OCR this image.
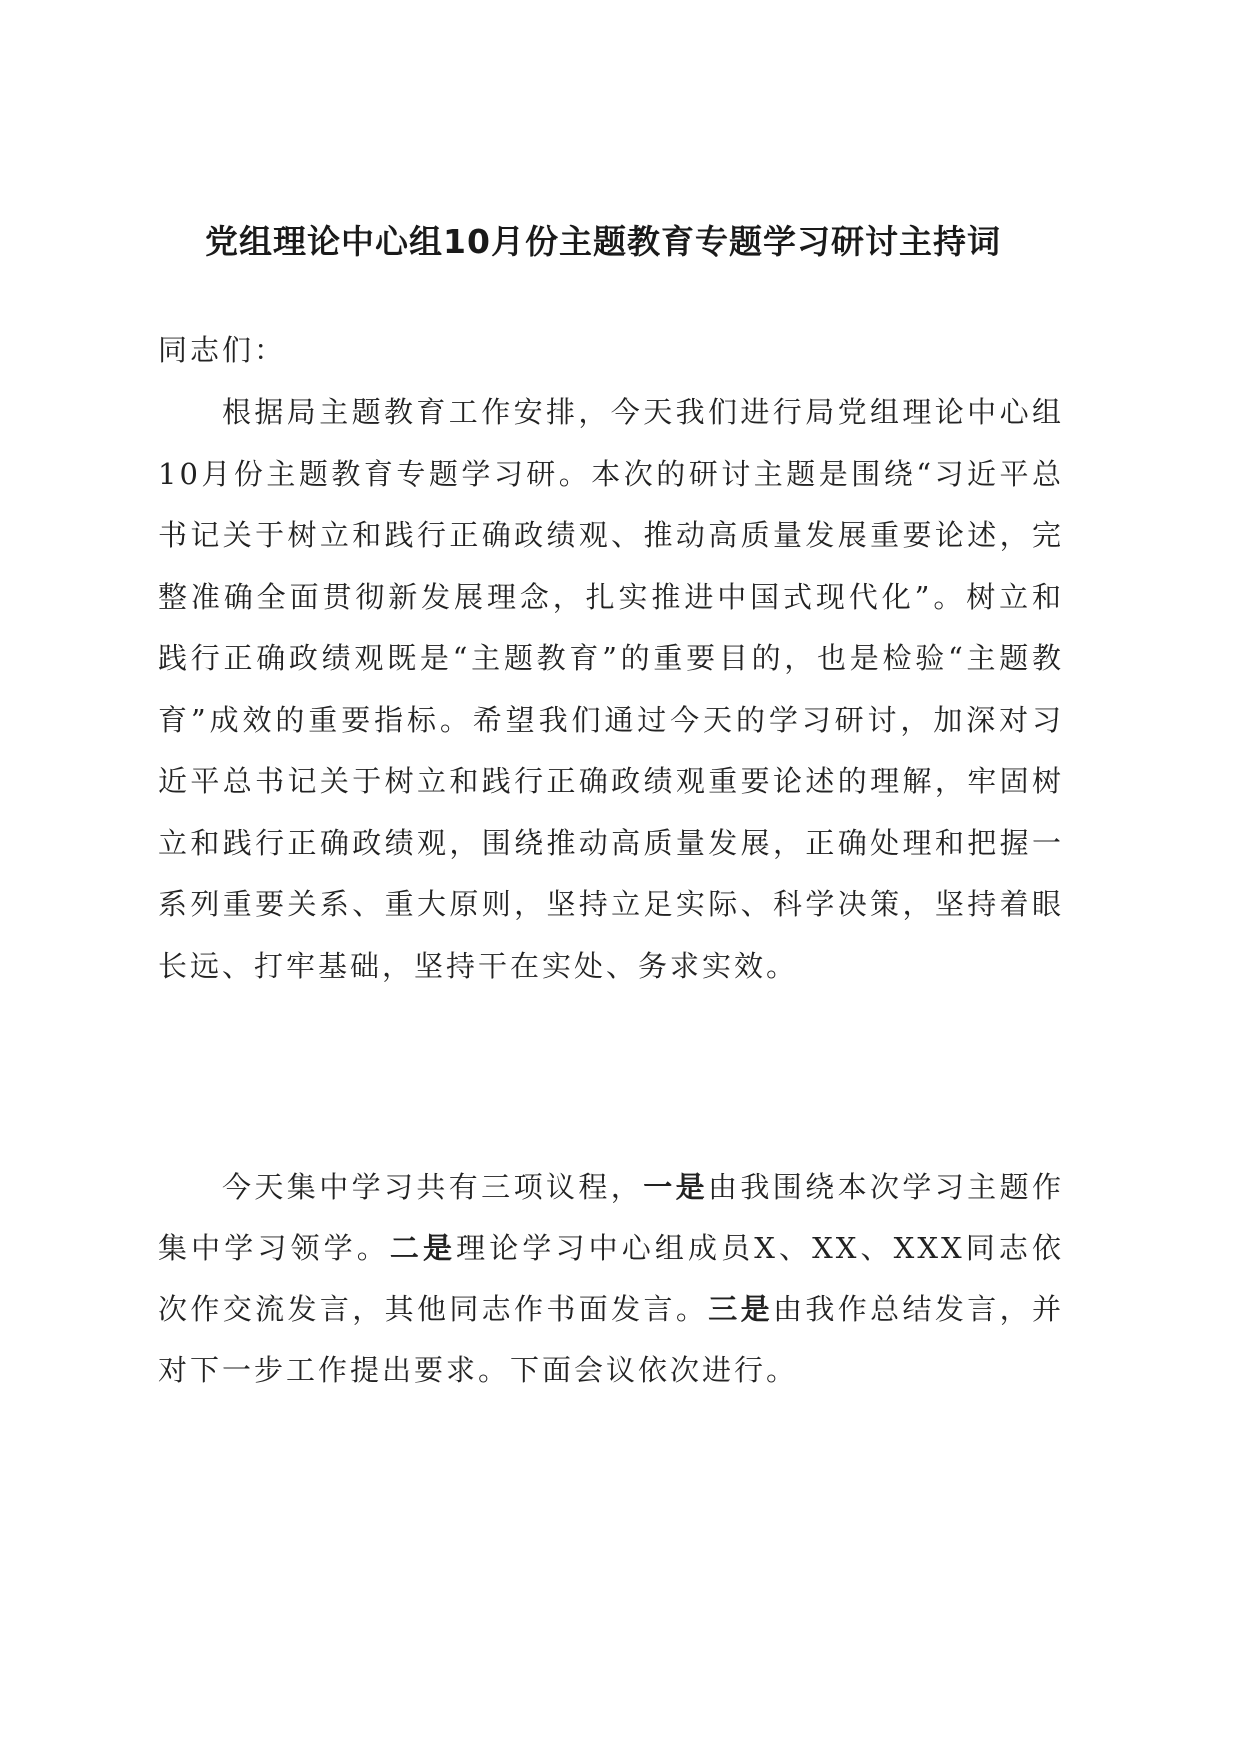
党组理论中心组10月份主题教育专题学习研讨主持词
同志们：

根据局主题教育工作安排，今天我们进行局党组理论中心组10月份主题教育专题学习研。本次的研讨主题是围绕“习近平总书记关于树立和践行正确政绩观、推动高质量发展重要论述，完整准确全面贯彻新发展理念，扎实推进中国式现代化”。树立和践行正确政绩观既是“主题教育”的重要目的，也是检验“主题教育”成效的重要指标。希望我们通过今天的学习研讨，加深对习近平总书记关于树立和践行正确政绩观重要论述的理解，牢固树立和践行正确政绩观，围绕推动高质量发展，正确处理和把握一系列重要关系、重大原则，坚持立足实际、科学决策，坚持着眼长远、打牢基础，坚持干在实处、务求实效。

今天集中学习共有三项议程，一是由我围绕本次学习主题作集中学习领学。二是理论学习中心组成员X、XX、XXX同志依次作交流发言，其他同志作书面发言。三是由我作总结发言，并对下一步工作提出要求。下面会议依次进行。
